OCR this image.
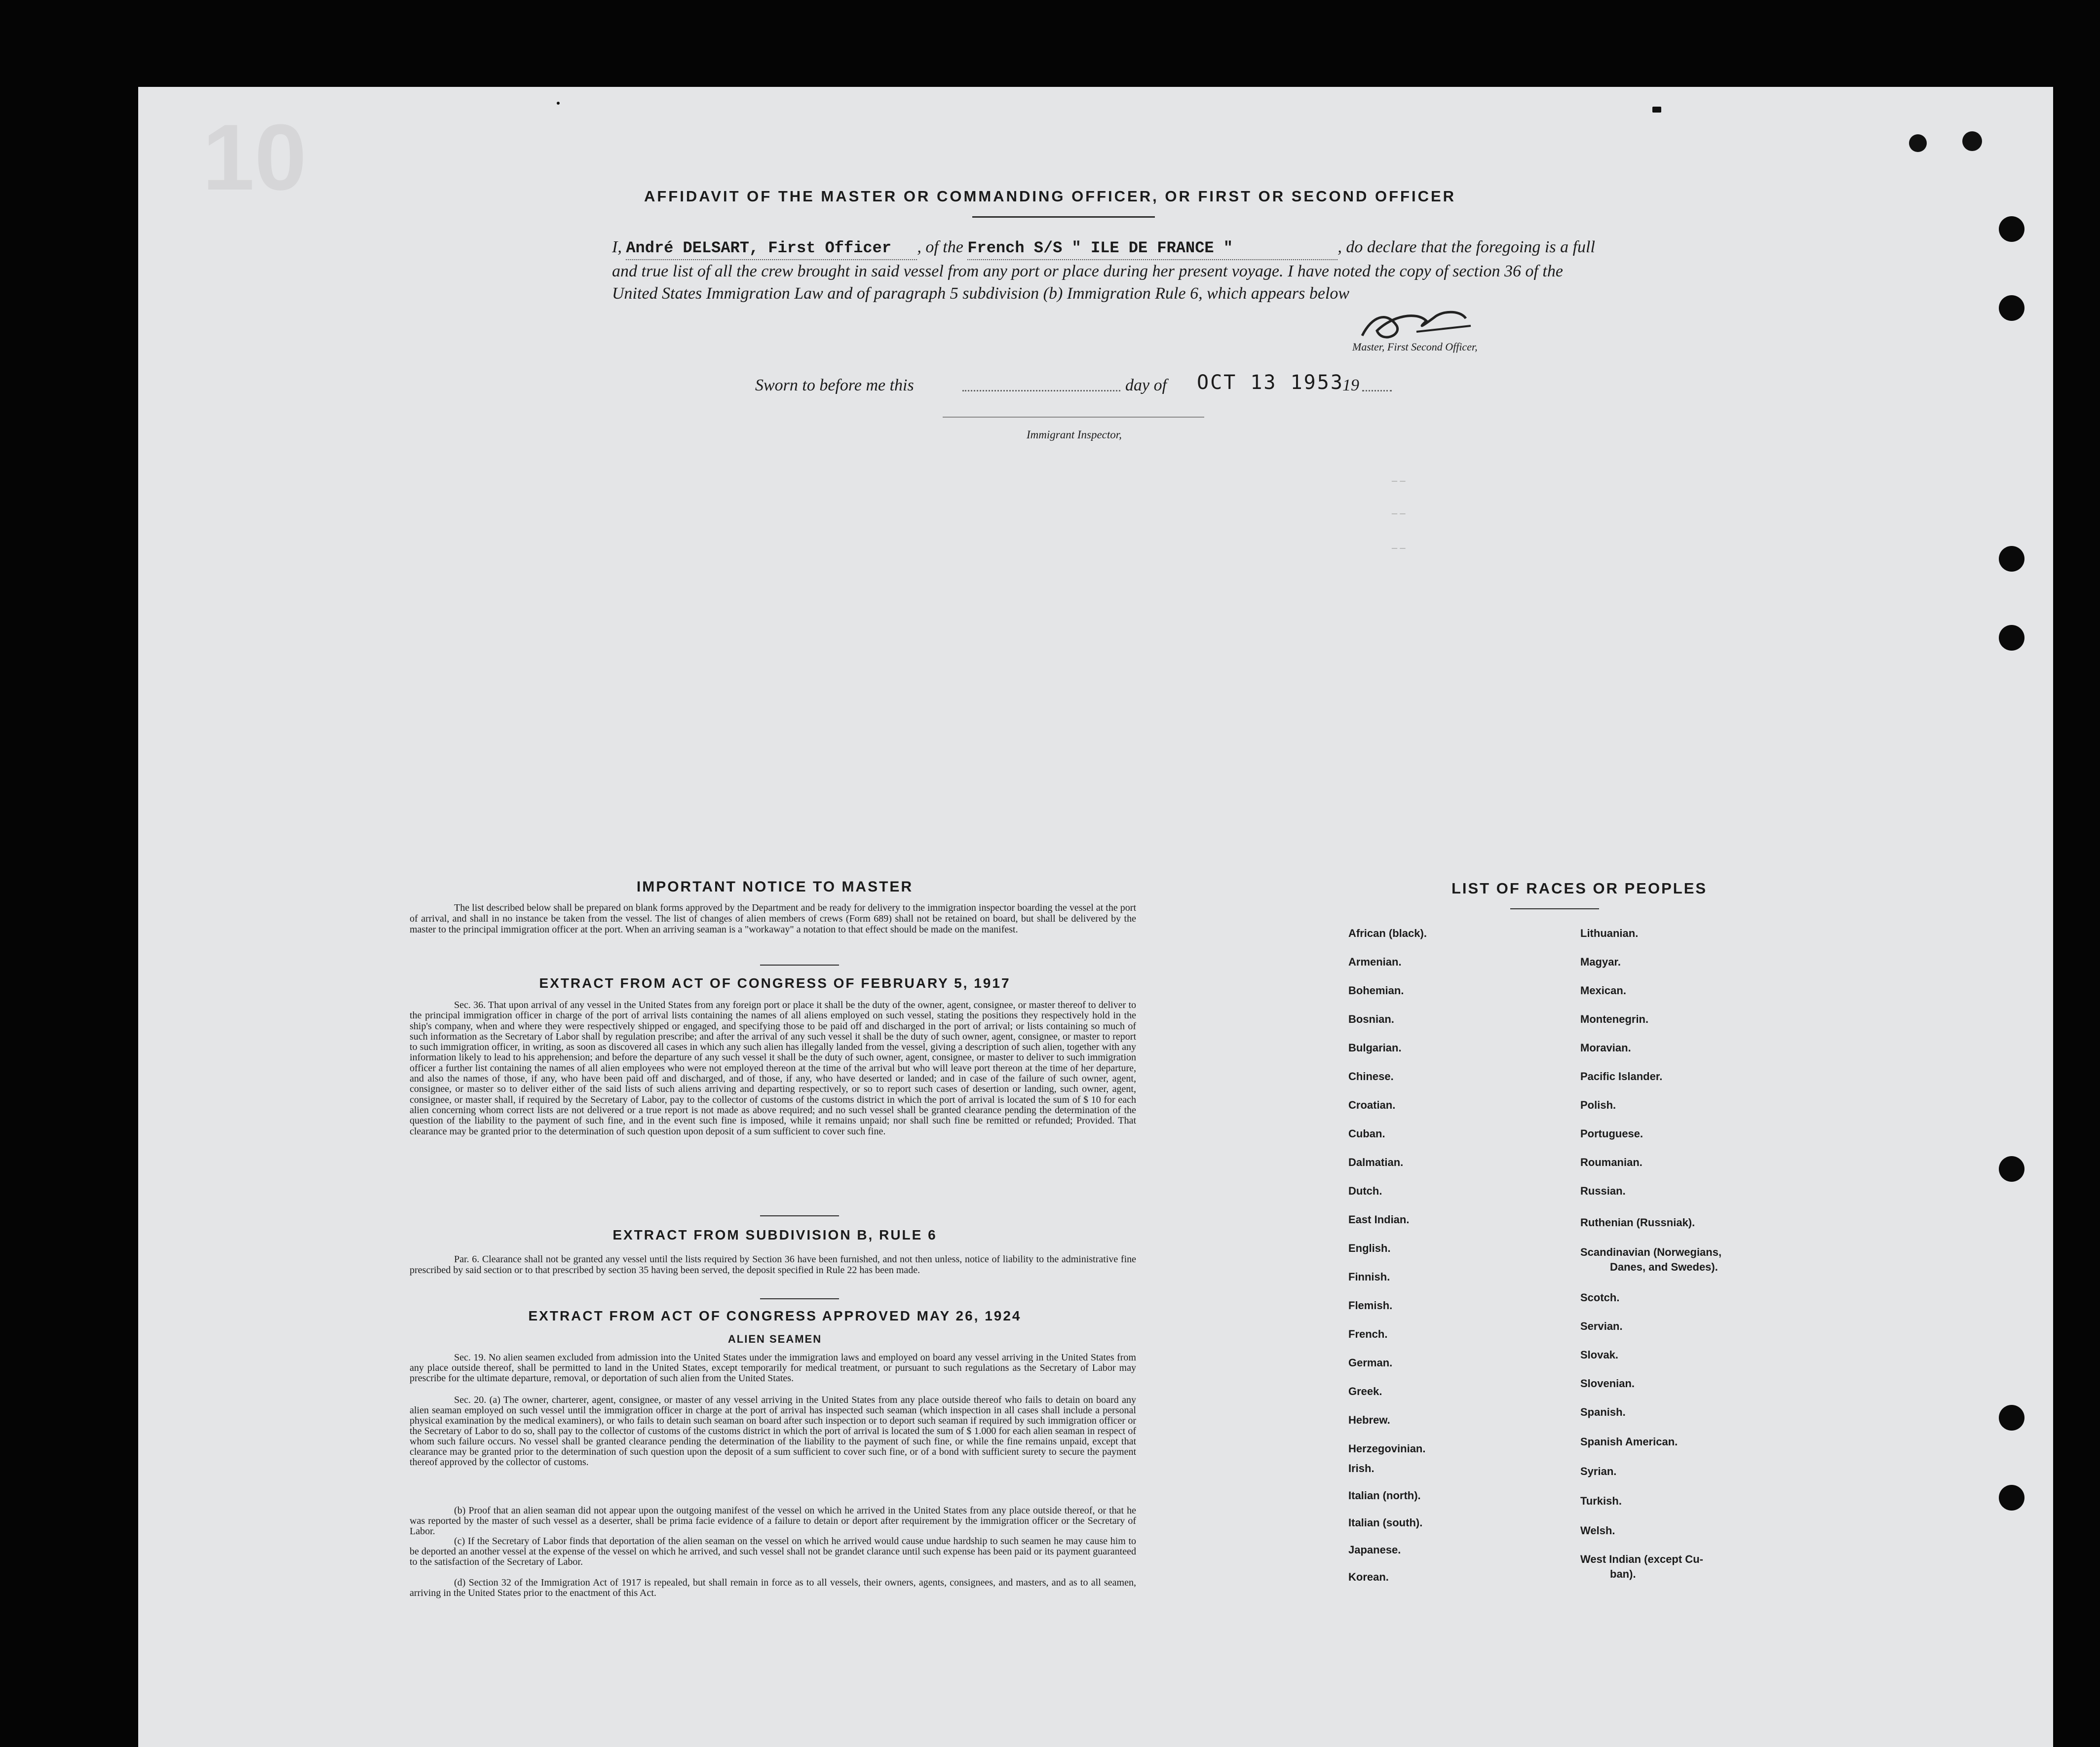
10	AFFIDAVIT OF THE MASTER OR COMMANDING OFFICER, OR FIRST OR SECOND OFFICER
I, André DELSART, First Officer , of the French S/S " ILE DE FRANCE "	, do declare that the foregoing is a full and true list of all the crew brought in said vessel from any port or place during her present voyage. I have noted the copy of section 36 of the United States Immigration Law and of paragraph 5 subdivision (b) Immigration Rule 6, which appears below
Master, First Second Officer,
Sworn to before me this	day of OCT 13 1953
19
Immigrant Inspector,
– –
– –
– –
IMPORTANT NOTICE TO MASTER
The list described below shall be prepared on blank forms approved by the Department and be ready for delivery to the immigration inspector boarding the vessel at the port of arrival, and shall in no instance be taken from the vessel. The list of changes of alien members of crews (Form 689) shall not be retained on board, but shall be delivered by the master to the principal immigration officer at the port. When an arriving seaman is a "workaway" a notation to that effect should be made on the manifest.
EXTRACT FROM ACT OF CONGRESS OF FEBRUARY 5, 1917
Sec. 36. That upon arrival of any vessel in the United States from any foreign port or place it shall be the duty of the owner, agent, consignee, or master thereof to deliver to the principal immigration officer in charge of the port of arrival lists containing the names of all aliens employed on such vessel, stating the positions they respectively hold in the ship's company, when and where they were respectively shipped or engaged, and specifying those to be paid off and discharged in the port of arrival; or lists containing so much of such information as the Secretary of Labor shall by regulation prescribe; and after the arrival of any such vessel it shall be the duty of such owner, agent, consignee, or master to report to such immigration officer, in writing, as soon as discovered all cases in which any such alien has illegally landed from the vessel, giving a description of such alien, together with any information likely to lead to his apprehension; and before the departure of any such vessel it shall be the duty of such owner, agent, consignee, or master to deliver to such immigration officer a further list containing the names of all alien employees who were not employed thereon at the time of the arrival but who will leave port thereon at the time of her departure, and also the names of those, if any, who have been paid off and discharged, and of those, if any, who have deserted or landed; and in case of the failure of such owner, agent, consignee, or master so to deliver either of the said lists of such aliens arriving and departing respectively, or so to report such cases of desertion or landing, such owner, agent, consignee, or master shall, if required by the Secretary of Labor, pay to the collector of customs of the customs district in which the port of arrival is located the sum of $ 10 for each alien concerning whom correct lists are not delivered or a true report is not made as above required; and no such vessel shall be granted clearance pending the determination of the question of the liability to the payment of such fine, and in the event such fine is imposed, while it remains unpaid; nor shall such fine be remitted or refunded; Provided. That clearance may be granted prior to the determination of such question upon deposit of a sum sufficient to cover such fine.
EXTRACT FROM SUBDIVISION B, RULE 6
Par. 6. Clearance shall not be granted any vessel until the lists required by Section 36 have been furnished, and not then unless, notice of liability to the administrative fine prescribed by said section or to that prescribed by section 35 having been served, the deposit specified in Rule 22 has been made.
EXTRACT FROM ACT OF CONGRESS APPROVED MAY 26, 1924
ALIEN SEAMEN
Sec. 19. No alien seamen excluded from admission into the United States under the immigration laws and employed on board any vessel arriving in the United States from any place outside thereof, shall be permitted to land in the United States, except temporarily for medical treatment, or pursuant to such regulations as the Secretary of Labor may prescribe for the ultimate departure, removal, or deportation of such alien from the United States.
Sec. 20. (a) The owner, charterer, agent, consignee, or master of any vessel arriving in the United States from any place outside thereof who fails to detain on board any alien seaman employed on such vessel until the immigration officer in charge at the port of arrival has inspected such seaman (which inspection in all cases shall include a personal physical examination by the medical examiners), or who fails to detain such seaman on board after such inspection or to deport such seaman if required by such immigration officer or the Secretary of Labor to do so, shall pay to the collector of customs of the customs district in which the port of arrival is located the sum of $ 1.000 for each alien seaman in respect of whom such failure occurs. No vessel shall be granted clearance pending the determination of the liability to the payment of such fine, or while the fine remains unpaid, except that clearance may be granted prior to the determination of such question upon the deposit of a sum sufficient to cover such fine, or of a bond with sufficient surety to secure the payment thereof approved by the collector of customs.
(b) Proof that an alien seaman did not appear upon the outgoing manifest of the vessel on which he arrived in the United States from any place outside thereof, or that he was reported by the master of such vessel as a deserter, shall be prima facie evidence of a failure to detain or deport after requirement by the immigration officer or the Secretary of Labor.
(c) If the Secretary of Labor finds that deportation of the alien seaman on the vessel on which he arrived would cause undue hardship to such seamen he may cause him to be deported an another vessel at the expense of the vessel on which he arrived, and such vessel shall not be grandet clarance until such expense has been paid or its payment guaranteed to the satisfaction of the Secretary of Labor.
(d) Section 32 of the Immigration Act of 1917 is repealed, but shall remain in force as to all vessels, their owners, agents, consignees, and masters, and as to all seamen, arriving in the United States prior to the enactment of this Act.
LIST OF RACES OR PEOPLES
African (black).
Armenian.
Bohemian.
Bosnian.
Bulgarian.
Chinese.
Croatian.
Cuban.
Dalmatian.
Dutch.
East Indian.
English.
Finnish.
Flemish.
French.
German.
Greek.
Hebrew.
Herzegovinian.
Irish.
Italian (north).
Italian (south).
Japanese.
Korean.
Lithuanian.
Magyar.
Mexican.
Montenegrin.
Moravian.
Pacific Islander.
Polish.
Portuguese.
Roumanian.
Russian.
Ruthenian (Russniak).
Scandinavian (Norwegians,
Danes, and Swedes).
Scotch.
Servian.
Slovak.
Slovenian.
Spanish.
Spanish American.
Syrian.
Turkish.
Welsh.
West Indian (except Cu-
ban).
